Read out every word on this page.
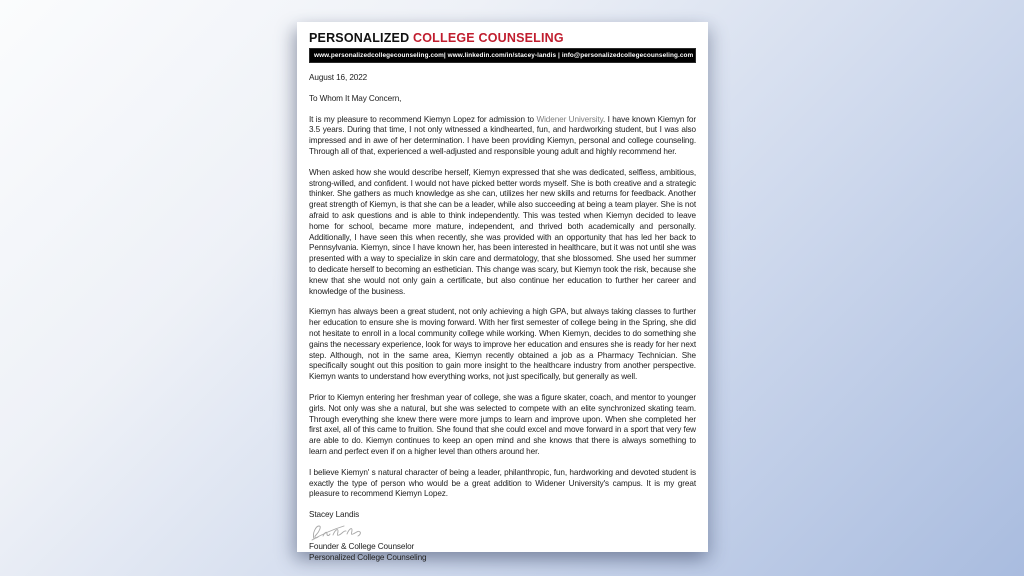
PERSONALIZED COLLEGE COUNSELING
www.personalizedcollegecounseling.com| www.linkedin.com/in/stacey-landis | info@personalizedcollegecounseling.com
August 16, 2022
To Whom It May Concern,

It is my pleasure to recommend Kiemyn Lopez for admission to Widener University. I have known Kiemyn for 3.5 years. During that time, I not only witnessed a kindhearted, fun, and hardworking student, but I was also impressed and in awe of her determination. I have been providing Kiemyn, personal and college counseling. Through all of that, experienced a well-adjusted and responsible young adult and highly recommend her.

When asked how she would describe herself, Kiemyn expressed that she was dedicated, selfless, ambitious, strong-willed, and confident. I would not have picked better words myself. She is both creative and a strategic thinker. She gathers as much knowledge as she can, utilizes her new skills and returns for feedback. Another great strength of Kiemyn, is that she can be a leader, while also succeeding at being a team player. She is not afraid to ask questions and is able to think independently. This was tested when Kiemyn decided to leave home for school, became more mature, independent, and thrived both academically and personally. Additionally, I have seen this when recently, she was provided with an opportunity that has led her back to Pennsylvania. Kiemyn, since I have known her, has been interested in healthcare, but it was not until she was presented with a way to specialize in skin care and dermatology, that she blossomed. She used her summer to dedicate herself to becoming an esthetician. This change was scary, but Kiemyn took the risk, because she knew that she would not only gain a certificate, but also continue her education to further her career and knowledge of the business.

Kiemyn has always been a great student, not only achieving a high GPA, but always taking classes to further her education to ensure she is moving forward. With her first semester of college being in the Spring, she did not hesitate to enroll in a local community college while working. When Kiemyn, decides to do something she gains the necessary experience, look for ways to improve her education and ensures she is ready for her next step. Although, not in the same area, Kiemyn recently obtained a job as a Pharmacy Technician. She specifically sought out this position to gain more insight to the healthcare industry from another perspective. Kiemyn wants to understand how everything works, not just specifically, but generally as well.

Prior to Kiemyn entering her freshman year of college, she was a figure skater, coach, and mentor to younger girls. Not only was she a natural, but she was selected to compete with an elite synchronized skating team. Through everything she knew there were more jumps to learn and improve upon. When she completed her first axel, all of this came to fruition. She found that she could excel and move forward in a sport that very few are able to do. Kiemyn continues to keep an open mind and she knows that there is always something to learn and perfect even if on a higher level than others around her.

I believe Kiemyn' s natural character of being a leader, philanthropic, fun, hardworking and devoted student is exactly the type of person who would be a great addition to Widener University's campus. It is my great pleasure to recommend Kiemyn Lopez.

Stacey Landis
Founder & College Counselor
Personalized College Counseling
